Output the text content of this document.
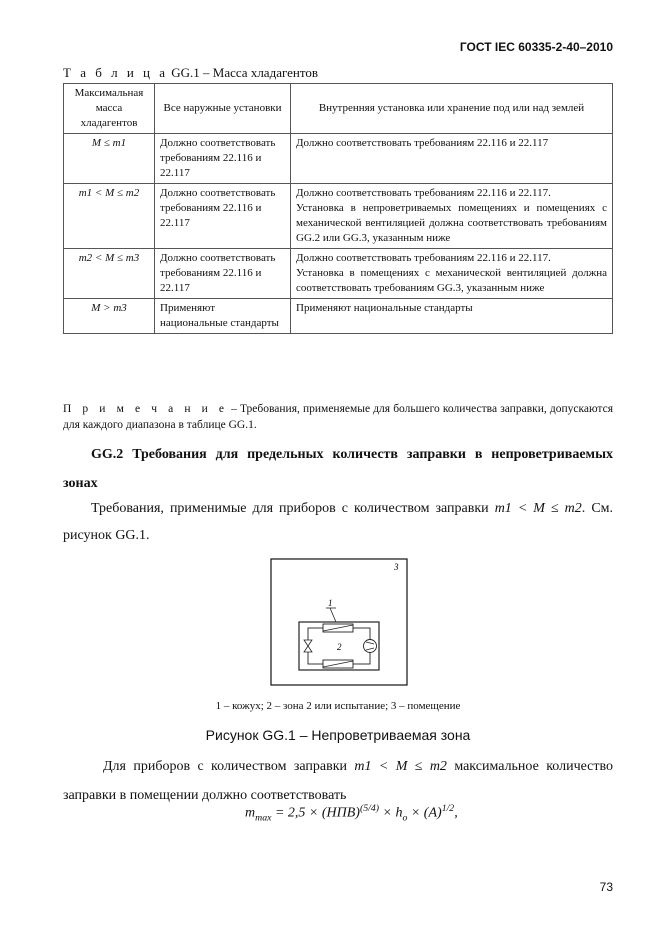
ГОСТ IEC 60335-2-40–2010
Т а б л и ц а GG.1 – Масса хладагентов
Максимальная масса хладагентов	Все наружные установки	Внутренняя установка или хранение под или над землей
M ≤ m1	Должно соответствовать требованиям 22.116 и 22.117	Должно соответствовать требованиям 22.116 и 22.117

m1 < M ≤ m2	Должно соответствовать требованиям 22.116 и 22.117	Должно соответствовать требованиям 22.116 и 22.117.
Установка в непроветриваемых помещениях и помещениях с механической вентиляцией должна соответствовать требованиям GG.2 или GG.3, указанным ниже

m2 < M ≤ m3	Должно соответствовать требованиям 22.116 и 22.117	Должно соответствовать требованиям 22.116 и 22.117.
Установка в помещениях с механической вентиляцией должна соответствовать требованиям GG.3, указанным ниже

M > m3	Применяют национальные стандарты	Применяют национальные стандарты
П р и м е ч а н и е – Требования, применяемые для большего количества заправки, допускаются для каждого диапазона в таблице GG.1.
GG.2 Требования для предельных количеств заправки в непроветриваемых зонах
Требования, применимые для приборов с количеством заправки m1 < M ≤ m2. См. рисунок GG.1.
1
2
3
1 – кожух; 2 – зона 2 или испытание; 3 – помещение
Рисунок GG.1 – Непроветриваемая зона
Для приборов с количеством заправки m1 < M ≤ m2 максимальное количество заправки в помещении должно соответствовать
$m_{max} = 2,5 \times (НПВ)^{(5/4)} \times h_o \times (A)^{1/2}$,
73
